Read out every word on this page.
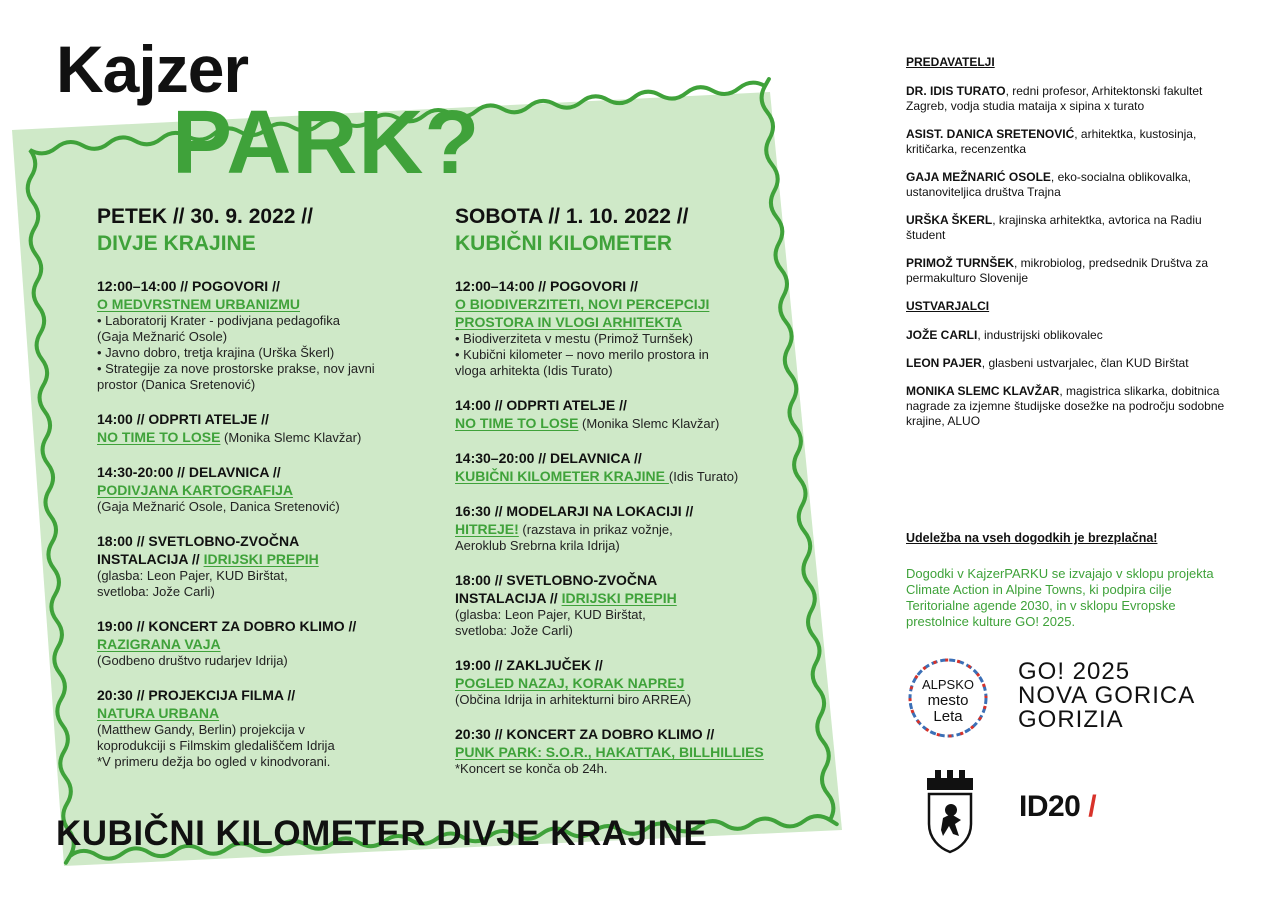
Kajzer
PARK?
PETEK // 30. 9. 2022 //
DIVJE KRAJINE
12:00–14:00 // POGOVORI //
O MEDVRSTNEM URBANIZMU
• Laboratorij Krater - podivjana pedagofika
(Gaja Mežnarić Osole)
• Javno dobro, tretja krajina (Urška Škerl)
• Strategije za nove prostorske prakse, nov javni
prostor (Danica Sretenović)
14:00 // ODPRTI ATELJE //
NO TIME TO LOSE (Monika Slemc Klavžar)
14:30-20:00 // DELAVNICA //
PODIVJANA KARTOGRAFIJA
(Gaja Mežnarić Osole, Danica Sretenović)
18:00 // SVETLOBNO-ZVOČNA
INSTALACIJA // IDRIJSKI PREPIH
(glasba: Leon Pajer, KUD Birštat,
svetloba: Jože Carli)
19:00 // KONCERT ZA DOBRO KLIMO //
RAZIGRANA VAJA
(Godbeno društvo rudarjev Idrija)
20:30 // PROJEKCIJA FILMA //
NATURA URBANA
(Matthew Gandy, Berlin) projekcija v
koprodukciji s Filmskim gledališčem Idrija
*V primeru dežja bo ogled v kinodvorani.
SOBOTA // 1. 10. 2022 //
KUBIČNI KILOMETER
12:00–14:00 // POGOVORI //
O BIODIVERZITETI, NOVI PERCEPCIJI
PROSTORA IN VLOGI ARHITEKTA
• Biodiverziteta v mestu (Primož Turnšek)
• Kubični kilometer – novo merilo prostora in
vloga arhitekta (Idis Turato)
14:00 // ODPRTI ATELJE //
NO TIME TO LOSE (Monika Slemc Klavžar)
14:30–20:00 // DELAVNICA //
KUBIČNI KILOMETER KRAJINE (Idis Turato)
16:30 // MODELARJI NA LOKACIJI //
HITREJE! (razstava in prikaz vožnje,
Aeroklub Srebrna krila Idrija)
18:00 // SVETLOBNO-ZVOČNA
INSTALACIJA // IDRIJSKI PREPIH
(glasba: Leon Pajer, KUD Birštat,
svetloba: Jože Carli)
19:00 // ZAKLJUČEK //
POGLED NAZAJ, KORAK NAPREJ
(Občina Idrija in arhitekturni biro ARREA)
20:30 // KONCERT ZA DOBRO KLIMO //
PUNK PARK: S.O.R., HAKATTAK, BILLHILLIES
*Koncert se konča ob 24h.
KUBIČNI KILOMETER DIVJE KRAJINE
PREDAVATELJI
DR. IDIS TURATO, redni profesor, Arhitektonski fakultet Zagreb, vodja studia mataija x sipina x turato
ASIST. DANICA SRETENOVIĆ, arhitektka, kustosinja, kritičarka, recenzentka
GAJA MEŽNARIĆ OSOLE, eko-socialna oblikovalka, ustanoviteljica društva Trajna
URŠKA ŠKERL, krajinska arhitektka, avtorica na Radiu študent
PRIMOŽ TURNŠEK, mikrobiolog, predsednik Društva za permakulturo Slovenije
USTVARJALCI
JOŽE CARLI, industrijski oblikovalec
LEON PAJER, glasbeni ustvarjalec, član KUD Birštat
MONIKA SLEMC KLAVŽAR, magistrica slikarka, dobitnica nagrade za izjemne študijske dosežke na področju sodobne krajine, ALUO
Udeležba na vseh dogodkih je brezplačna!
Dogodki v KajzerPARKU se izvajajo v sklopu projekta Climate Action in Alpine Towns, ki podpira cilje Teritorialne agende 2030, in v sklopu Evropske prestolnice kulture GO! 2025.
ALPSKO
mesto
Leta
GO! 2025
NOVA GORICA
GORIZIA
ID20 /
